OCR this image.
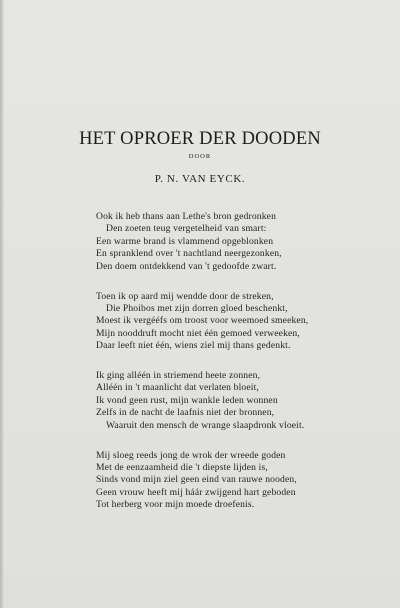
HET OPROER DER DOODEN
DOOR
P. N. VAN EYCK.
Ook ik heb thans aan Lethe's bron gedronken
Den zoeten teug vergetelheid van smart:
Een warme brand is vlammend opgeblonken
En spranklend over 't nachtland neergezonken,
Den doem ontdekkend van 't gedoofde zwart.
Toen ik op aard mij wendde door de streken,
Die Phoibos met zijn dorren gloed beschenkt,
Moest ik vergééfs om troost voor weemoed smeeken,
Mijn nooddruft mocht niet één gemoed verweeken,
Daar leeft niet één, wiens ziel mij thans gedenkt.
Ik ging alléén in striemend heete zonnen,
Alléén in 't maanlicht dat verlaten bloeit,
Ik vond geen rust, mijn wankle leden wonnen
Zelfs in de nacht de laafnis niet der bronnen,
Waaruit den mensch de wrange slaapdronk vloeit.
Mij sloeg reeds jong de wrok der wreede goden
Met de eenzaamheid die 't diepste lijden is,
Sinds vond mijn ziel geen eind van rauwe nooden,
Geen vrouw heeft mij háár zwijgend hart geboden
Tot herberg voor mijn moede droefenis.
